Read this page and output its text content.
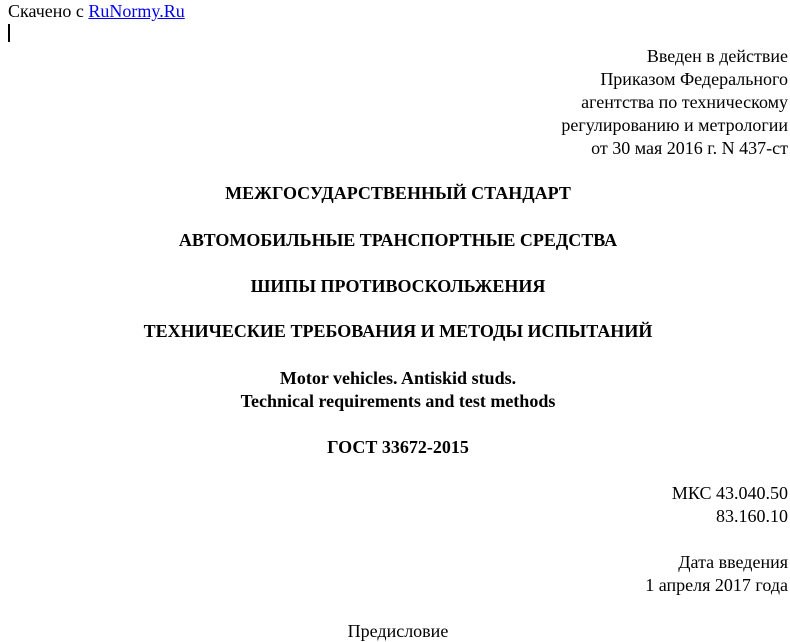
Скачено с RuNormy.Ru
Введен в действие
Приказом Федерального
агентства по техническому
регулированию и метрологии
от 30 мая 2016 г. N 437-ст
МЕЖГОСУДАРСТВЕННЫЙ СТАНДАРТ
АВТОМОБИЛЬНЫЕ ТРАНСПОРТНЫЕ СРЕДСТВА
ШИПЫ ПРОТИВОСКОЛЬЖЕНИЯ
ТЕХНИЧЕСКИЕ ТРЕБОВАНИЯ И МЕТОДЫ ИСПЫТАНИЙ
Motor vehicles. Antiskid studs.
Technical requirements and test methods
ГОСТ 33672-2015
МКС 43.040.50
83.160.10
Дата введения
1 апреля 2017 года
Предисловие
